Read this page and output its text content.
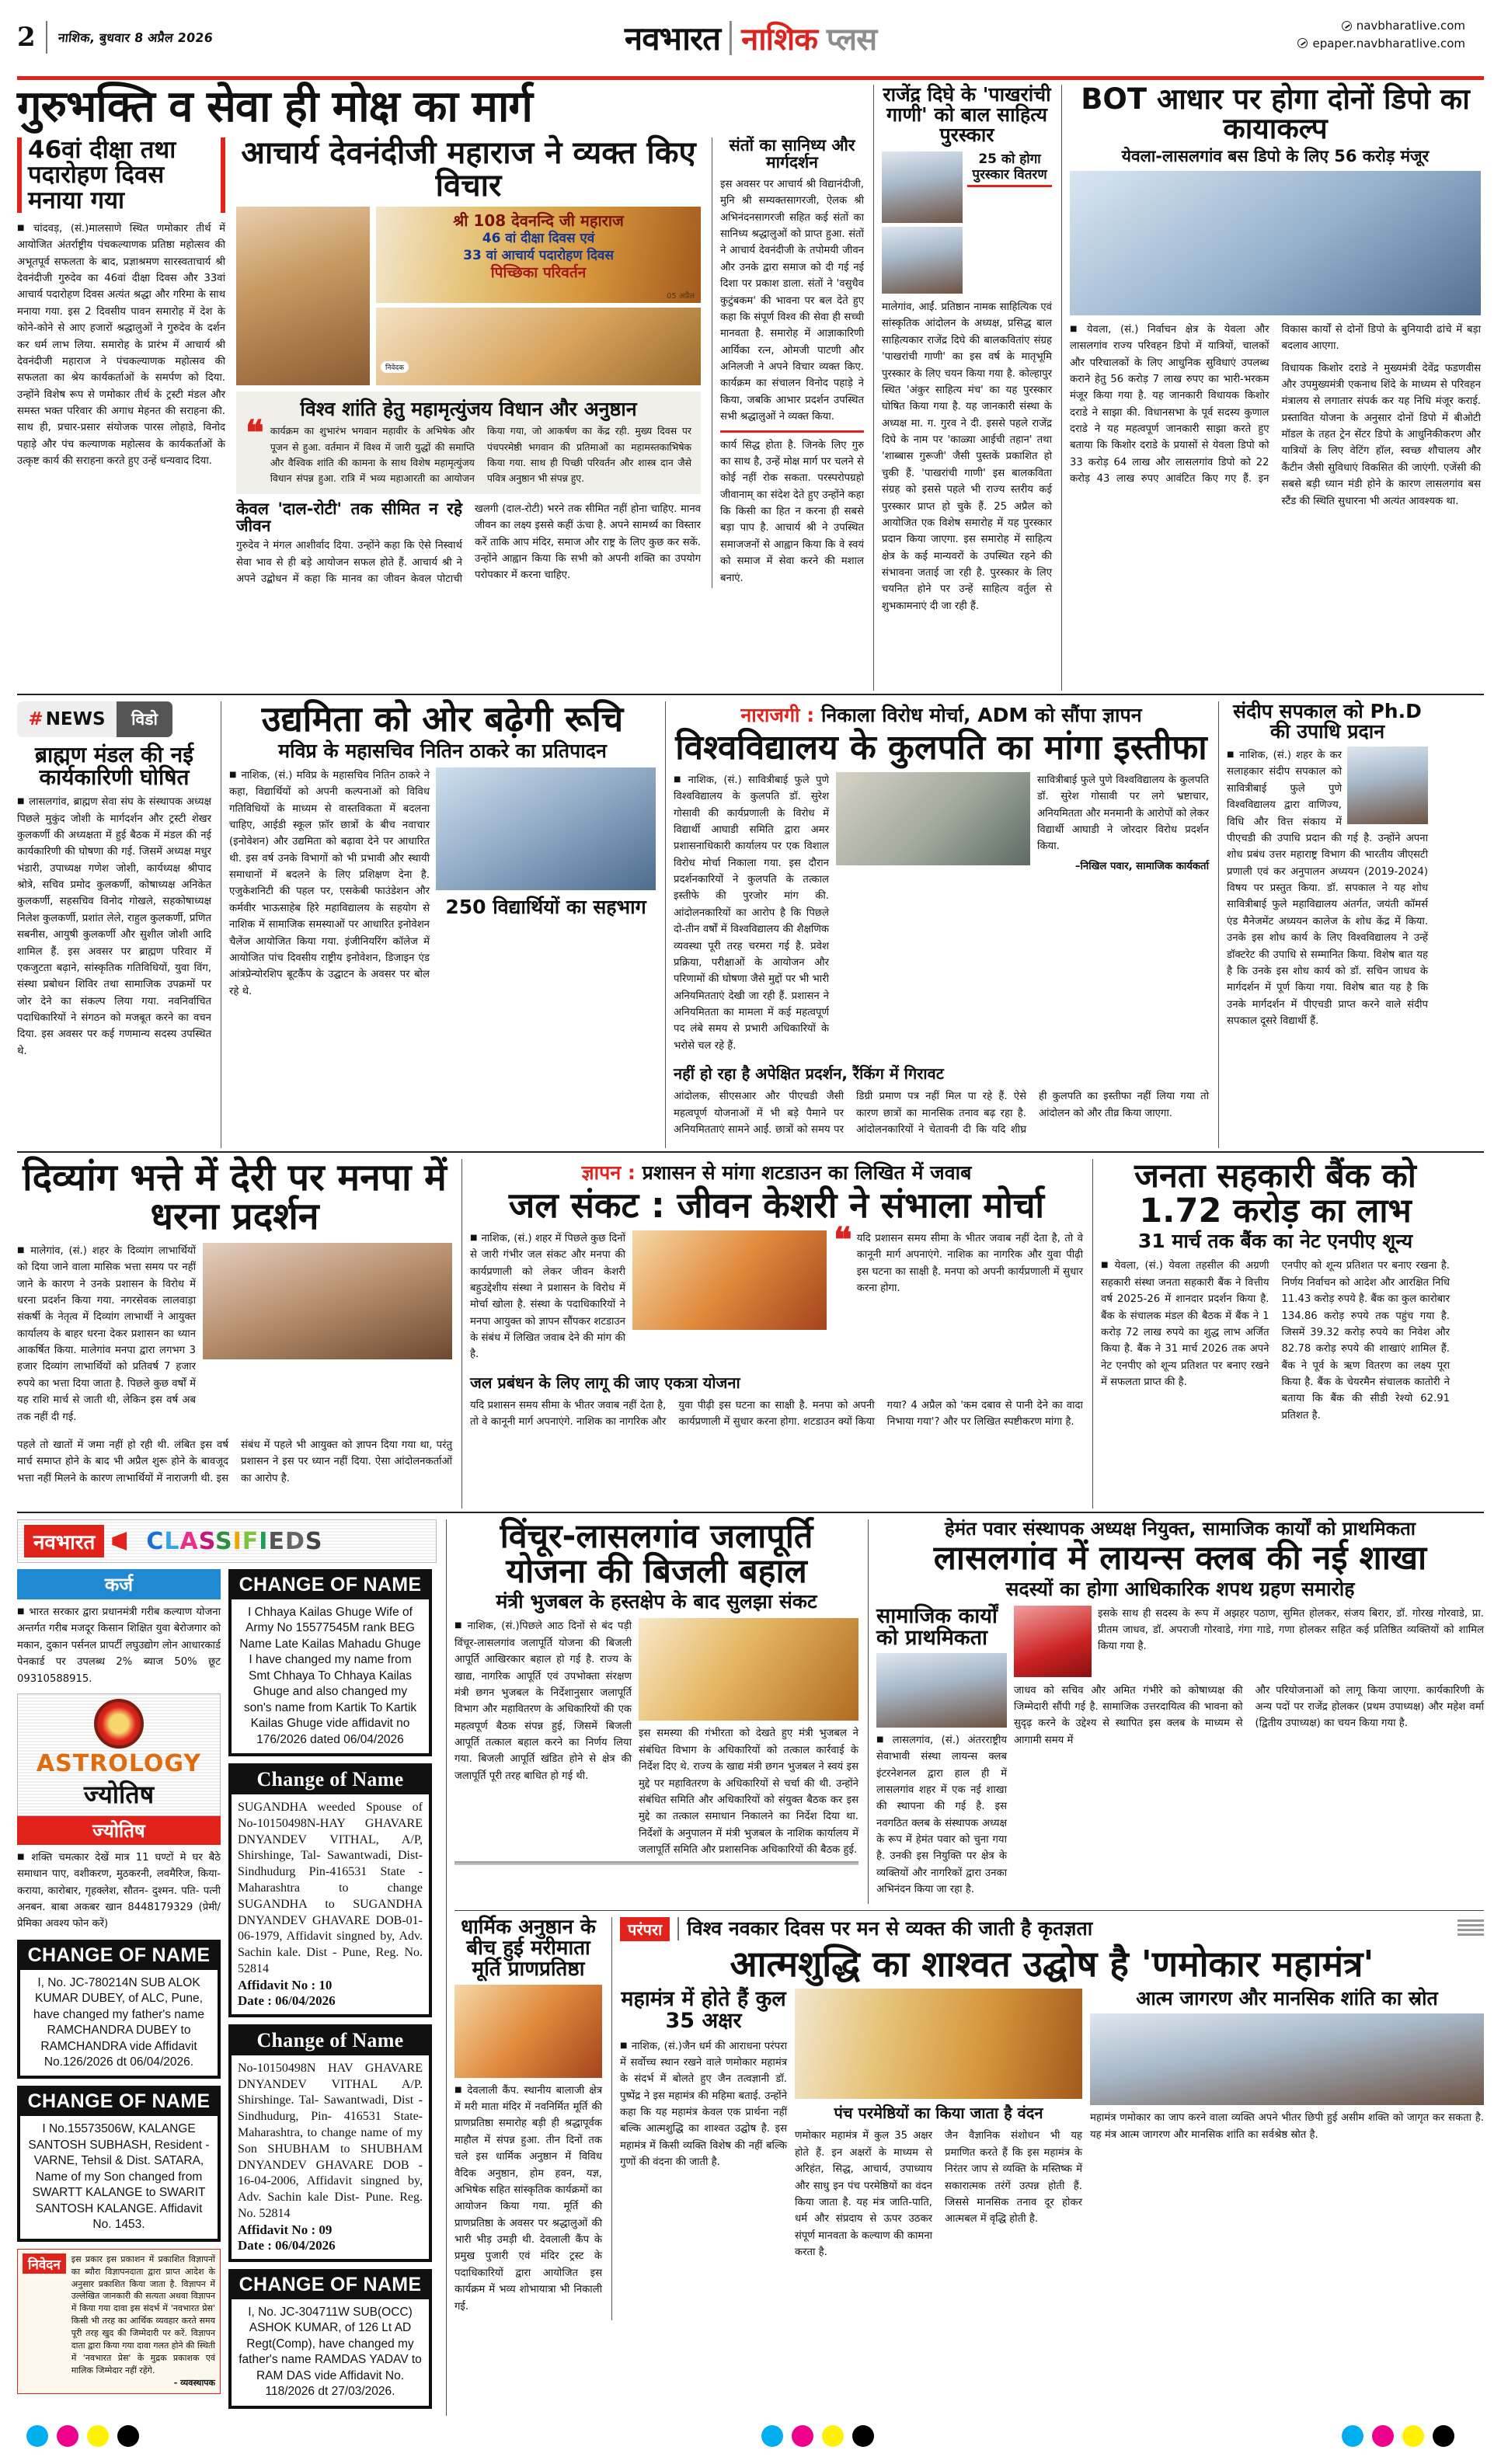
2 नाशिक, बुधवार 8 अप्रैल 2026	नवभारत नाशिक प्लस	navbharatlive.com
epaper.navbharatlive.com
गुरुभक्ति व सेवा ही मोक्ष का मार्ग
46वां दीक्षा तथा पदारोहण दिवस मनाया गया

■ चांदवड़, (सं.)मालसाणे स्थित णमोकार तीर्थ में आयोजित अंतर्राष्ट्रीय पंचकल्याणक प्रतिष्ठा महोत्सव की अभूतपूर्व सफलता के बाद, प्रज्ञाश्रमण सारस्वताचार्य श्री देवनंदीजी गुरुदेव का 46वां दीक्षा दिवस और 33वां आचार्य पदारोहण दिवस अत्यंत श्रद्धा और गरिमा के साथ मनाया गया. इस 2 दिवसीय पावन समारोह में देश के कोने-कोने से आए हजारों श्रद्धालुओं ने गुरुदेव के दर्शन कर धर्म लाभ लिया. समारोह के प्रारंभ में आचार्य श्री देवनंदीजी महाराज ने पंचकल्याणक महोत्सव की सफलता का श्रेय कार्यकर्ताओं के समर्पण को दिया. उन्होंने विशेष रूप से णमोकार तीर्थ के ट्रस्टी मंडल और समस्त भक्त परिवार की अगाध मेहनत की सराहना की. साथ ही, प्रचार-प्रसार संयोजक पारस लोहाडे, विनोद पहाड़े और पंच कल्याणक महोत्सव के कार्यकर्ताओं के उत्कृष्ट कार्य की सराहना करते हुए उन्हें धन्यवाद दिया.

आचार्य देवनंदीजी महाराज ने व्यक्त किए विचार
श्री 108 देवनन्दि जी महाराज
46 वां दीक्षा दिवस एवं
33 वां आचार्य पदारोहण दिवस
पिच्छिका परिवर्तन
05 अप्रैल
निवेदक
विश्व शांति हेतु महामृत्युंजय विधान और अनुष्ठान
❝ कार्यक्रम का शुभारंभ भगवान महावीर के अभिषेक और पूजन से हुआ. वर्तमान में विश्व में जारी युद्धों की समाप्ति और वैश्विक शांति की कामना के साथ विशेष महामृत्युंजय विधान संपन्न हुआ. रात्रि में भव्य महाआरती का आयोजन किया गया, जो आकर्षण का केंद्र रही. मुख्य दिवस पर पंचपरमेष्ठी भगवान की प्रतिमाओं का महामस्तकाभिषेक किया गया. साथ ही पिच्छी परिवर्तन और शास्त्र दान जैसे पवित्र अनुष्ठान भी संपन्न हुए.
केवल 'दाल-रोटी' तक सीमित न रहे जीवन
गुरुदेव ने मंगल आशीर्वाद दिया. उन्होंने कहा कि ऐसे निस्वार्थ सेवा भाव से ही बड़े आयोजन सफल होते हैं. आचार्य श्री ने अपने उद्बोधन में कहा कि मानव का जीवन केवल पोटाची खलगी (दाल-रोटी) भरने तक सीमित नहीं होना चाहिए. मानव जीवन का लक्ष्य इससे कहीं ऊंचा है. अपने सामर्थ्य का विस्तार करें ताकि आप मंदिर, समाज और राष्ट्र के लिए कुछ कर सकें. उन्होंने आह्वान किया कि सभी को अपनी शक्ति का उपयोग परोपकार में करना चाहिए.
संतों का सानिध्य और मार्गदर्शन
इस अवसर पर आचार्य श्री विद्यानंदीजी, मुनि श्री सम्यक्तसागरजी, ऐलक श्री अभिनंदनसागरजी सहित कई संतों का सानिध्य श्रद्धालुओं को प्राप्त हुआ. संतों ने आचार्य देवनंदीजी के तपोमयी जीवन और उनके द्वारा समाज को दी गई नई दिशा पर प्रकाश डाला. संतों ने 'वसुधैव कुटुंबकम' की भावना पर बल देते हुए कहा कि संपूर्ण विश्व की सेवा ही सच्ची मानवता है. समारोह में आज्ञाकारिणी आर्यिका रत्न, ओमजी पाटणी और अनिलजी ने अपने विचार व्यक्त किए. कार्यक्रम का संचालन विनोद पहाड़े ने किया, जबकि आभार प्रदर्शन उपस्थित सभी श्रद्धालुओं ने व्यक्त किया.
कार्य सिद्ध होता है. जिनके लिए गुरु का साथ है, उन्हें मोक्ष मार्ग पर चलने से कोई नहीं रोक सकता. परस्परोपग्रहो जीवानाम् का संदेश देते हुए उन्होंने कहा कि किसी का हित न करना ही सबसे बड़ा पाप है. आचार्य श्री ने उपस्थित समाजजनों से आह्वान किया कि वे स्वयं को समाज में सेवा करने की मशाल बनाएं.
राजेंद्र दिघे के 'पाखरांची गाणी' को बाल साहित्य पुरस्कार
25 को होगा पुरस्कार वितरण
मालेगांव, आईं. प्रतिष्ठान नामक साहित्यिक एवं सांस्कृतिक आंदोलन के अध्यक्ष, प्रसिद्ध बाल साहित्यकार राजेंद्र दिघे की बालकवितांए संग्रह 'पाखरांची गाणी' का इस वर्ष के मातृभूमि पुरस्कार के लिए चयन किया गया है. कोल्हापुर स्थित 'अंकुर साहित्य मंच' का यह पुरस्कार घोषित किया गया है. यह जानकारी संस्था के अध्यक्ष मा. ग. गुरव ने दी. इससे पहले राजेंद्र दिघे के नाम पर 'काळ्या आईची तहान' तथा 'शाब्बास गुरूजी' जैसी पुस्तकें प्रकाशित हो चुकी हैं. 'पाखरांची गाणी' इस बालकविता संग्रह को इससे पहले भी राज्य स्तरीय कई पुरस्कार प्राप्त हो चुके हैं. 25 अप्रैल को आयोजित एक विशेष समारोह में यह पुरस्कार प्रदान किया जाएगा. इस समारोह में साहित्य क्षेत्र के कई मान्यवरों के उपस्थित रहने की संभावना जताई जा रही है. पुरस्कार के लिए चयनित होने पर उन्हें साहित्य वर्तुल से शुभकामनाएं दी जा रही हैं.
BOT आधार पर होगा दोनों डिपो का कायाकल्प
येवला-लासलगांव बस डिपो के लिए 56 करोड़ मंजूर

■ येवला, (सं.) निर्वाचन क्षेत्र के येवला और लासलगांव राज्य परिवहन डिपो में यात्रियों, चालकों और परिचालकों के लिए आधुनिक सुविधाएं उपलब्ध कराने हेतु 56 करोड़ 7 लाख रुपए का भारी-भरकम मंजूर किया गया है. यह जानकारी विधायक किशोर दराडे ने साझा की. विधानसभा के पूर्व सदस्य कुणाल दराडे ने यह महत्वपूर्ण जानकारी साझा करते हुए बताया कि किशोर दराडे के प्रयासों से येवला डिपो को 33 करोड़ 64 लाख और लासलगांव डिपो को 22 करोड़ 43 लाख रुपए आवंटित किए गए हैं. इन विकास कार्यों से दोनों डिपो के बुनियादी ढांचे में बड़ा बदलाव आएगा.

विधायक किशोर दराडे ने मुख्यमंत्री देवेंद्र फडणवीस और उपमुख्यमंत्री एकनाथ शिंदे के माध्यम से परिवहन मंत्रालय से लगातार संपर्क कर यह निधि मंजूर कराई. प्रस्तावित योजना के अनुसार दोनों डिपो में बीओटी मॉडल के तहत ट्रेन सेंटर डिपो के आधुनिकीकरण और यात्रियों के लिए वेटिंग हॉल, स्वच्छ शौचालय और कैंटीन जैसी सुविधाएं विकसित की जाएंगी. एजेंसी की सबसे बड़ी ध्यान मंडी होने के कारण लासलगांव बस स्टैंड की स्थिति सुधारना भी अत्यंत आवश्यक था.

# NEWS	विडो
ब्राह्मण मंडल की नई कार्यकारिणी घोषित

■ लासलगांव, ब्राह्मण सेवा संघ के संस्थापक अध्यक्ष पिछले मुकुंद जोशी के मार्गदर्शन और ट्रस्टी शेखर कुलकर्णी की अध्यक्षता में हुई बैठक में मंडल की नई कार्यकारिणी की घोषणा की गई. जिसमें अध्यक्ष मधुर भंडारी, उपाध्यक्ष गणेश जोशी, कार्यध्यक्ष श्रीपाद श्रोत्रे, सचिव प्रमोद कुलकर्णी, कोषाध्यक्ष अनिकेत कुलकर्णी, सहसचिव विनोद गोखले, सहकोषाध्यक्ष निलेश कुलकर्णी, प्रशांत लेले, राहुल कुलकर्णी, प्रणित सबनीस, आयुषी कुलकर्णी और सुशील जोशी आदि शामिल हैं. इस अवसर पर ब्राह्मण परिवार में एकजुटता बढ़ाने, सांस्कृतिक गतिविधियों, युवा विंग, संस्था प्रबोधन शिविर तथा सामाजिक उपक्रमों पर जोर देने का संकल्प लिया गया. नवनिर्वाचित पदाधिकारियों ने संगठन को मजबूत करने का वचन दिया. इस अवसर पर कई गणमान्य सदस्य उपस्थित थे.

उद्यमिता को ओर बढ़ेगी रूचि
मविप्र के महासचिव नितिन ठाकरे का प्रतिपादन

■ नाशिक, (सं.) मविप्र के महासचिव नितिन ठाकरे ने कहा, विद्यार्थियों को अपनी कल्पनाओं को विविध गतिविधियों के माध्यम से वास्तविकता में बदलना चाहिए, आईडी स्कूल फ़ॉर छात्रों के बीच नवाचार (इनोवेशन) और उद्यमिता को बढ़ावा देने पर आधारित थी. इस वर्ष उनके विभागों को भी प्रभावी और स्थायी समाधानों में बदलने के लिए प्रशिक्षण देना है. एजुकेशनिटी की पहल पर, एसकेबी फाउंडेशन और कर्मवीर भाऊसाहेब हिरे महाविद्यालय के सहयोग से नाशिक में सामाजिक समस्याओं पर आधारित इनोवेशन चैलेंज आयोजित किया गया. इंजीनियरिंग कॉलेज में आयोजित पांच दिवसीय राष्ट्रीय इनोवेशन, डिजाइन एंड आंत्रप्रेन्योरशिप बूटकैंप के उद्घाटन के अवसर पर बोल रहे थे.

250 विद्यार्थियों का सहभाग
नाराजगी : निकाला विरोध मोर्चा, ADM को सौंपा ज्ञापन
विश्वविद्यालय के कुलपति का मांगा इस्तीफा

■ नाशिक, (सं.) सावित्रीबाई फुले पुणे विश्वविद्यालय के कुलपति डॉ. सुरेश गोसावी की कार्यप्रणाली के विरोध में विद्यार्थी आघाडी समिति द्वारा अमर प्रशासनाधिकारी कार्यालय पर एक विशाल विरोध मोर्चा निकाला गया. इस दौरान प्रदर्शनकारियों ने कुलपति के तत्काल इस्तीफे की पुरजोर मांग की. आंदोलनकारियों का आरोप है कि पिछले दो-तीन वर्षों में विश्वविद्यालय की शैक्षणिक व्यवस्था पूरी तरह चरमरा गई है. प्रवेश प्रक्रिया, परीक्षाओं के आयोजन और परिणामों की घोषणा जैसे मुद्दों पर भी भारी अनियमितताएं देखी जा रही हैं. प्रशासन ने अनियमितता का मामला में कई महत्वपूर्ण पद लंबे समय से प्रभारी अधिकारियों के भरोसे चल रहे हैं.

सावित्रीबाई फुले पुणे विश्वविद्यालय के कुलपति डॉ. सुरेश गोसावी पर लगे भ्रष्टाचार, अनियमितता और मनमानी के आरोपों को लेकर विद्यार्थी आघाडी ने जोरदार विरोध प्रदर्शन किया.
–निखिल पवार, सामाजिक कार्यकर्ता
नहीं हो रहा है अपेक्षित प्रदर्शन, रैंकिंग में गिरावट
आंदोलक, सीएसआर और पीएचडी जैसी महत्वपूर्ण योजनाओं में भी बड़े पैमाने पर अनियमितताएं सामने आईं. छात्रों को समय पर डिग्री प्रमाण पत्र नहीं मिल पा रहे हैं. ऐसे कारण छात्रों का मानसिक तनाव बढ़ रहा है. आंदोलनकारियों ने चेतावनी दी कि यदि शीघ्र ही कुलपति का इस्तीफा नहीं लिया गया तो आंदोलन को और तीव्र किया जाएगा.
संदीप सपकाल को Ph.D की उपाधि प्रदान

■ नाशिक, (सं.) शहर के कर सलाहकार संदीप सपकाल को सावित्रीबाई फुले पुणे विश्वविद्यालय द्वारा वाणिज्य, विधि और वित्त संकाय में पीएचडी की उपाधि प्रदान की गई है. उन्होंने अपना शोध प्रबंध उत्तर महाराष्ट्र विभाग की भारतीय जीएसटी प्रणाली एवं कर अनुपालन अध्ययन (2019-2024) विषय पर प्रस्तुत किया. डॉ. सपकाल ने यह शोध सावित्रीबाई फुले महाविद्यालय अंतर्गत, जयंती कॉमर्स एंड मैनेजमेंट अध्ययन कालेज के शोध केंद्र में किया. उनके इस शोध कार्य के लिए विश्वविद्यालय ने उन्हें डॉक्टरेट की उपाधि से सम्मानित किया. विशेष बात यह है कि उनके इस शोध कार्य को डॉ. सचिन जाधव के मार्गदर्शन में पूर्ण किया गया. विशेष बात यह है कि उनके मार्गदर्शन में पीएचडी प्राप्त करने वाले संदीप सपकाल दूसरे विद्यार्थी हैं.

दिव्यांग भत्ते में देरी पर मनपा में धरना प्रदर्शन

■ मालेगांव, (सं.) शहर के दिव्यांग लाभार्थियों को दिया जाने वाला मासिक भत्ता समय पर नहीं जाने के कारण ने उनके प्रशासन के विरोध में धरना प्रदर्शन किया गया. नगरसेवक लालवाड़ा संकर्षी के नेतृत्व में दिव्यांग लाभार्थी ने आयुक्त कार्यालय के बाहर धरना देकर प्रशासन का ध्यान आकर्षित किया. मालेगांव मनपा द्वारा लगभग 3 हजार दिव्यांग लाभार्थियों को प्रतिवर्ष 7 हजार रुपये का भत्ता दिया जाता है. पिछले कुछ वर्षों में यह राशि मार्च से जाती थी, लेकिन इस वर्ष अब तक नहीं दी गई.

पहले तो खातों में जमा नहीं हो रही थी. लंबित इस वर्ष मार्च समाप्त होने के बाद भी अप्रैल शुरू होने के बावजूद भत्ता नहीं मिलने के कारण लाभार्थियों में नाराजगी थी. इस संबंध में पहले भी आयुक्त को ज्ञापन दिया गया था, परंतु प्रशासन ने इस पर ध्यान नहीं दिया. ऐसा आंदोलनकर्ताओं का आरोप है.
ज्ञापन : प्रशासन से मांगा शटडाउन का लिखित में जवाब
जल संकट : जीवन केशरी ने संभाला मोर्चा

■ नाशिक, (सं.) शहर में पिछले कुछ दिनों से जारी गंभीर जल संकट और मनपा की कार्यप्रणाली को लेकर जीवन केशरी बहुउद्देशीय संस्था ने प्रशासन के विरोध में मोर्चा खोला है. संस्था के पदाधिकारियों ने मनपा आयुक्त को ज्ञापन सौंपकर शटडाउन के संबंध में लिखित जवाब देने की मांग की है.

❝ यदि प्रशासन समय सीमा के भीतर जवाब नहीं देता है, तो वे कानूनी मार्ग अपनाएंगे. नाशिक का नागरिक और युवा पीढ़ी इस घटना का साक्षी है. मनपा को अपनी कार्यप्रणाली में सुधार करना होगा.
जल प्रबंधन के लिए लागू की जाए एकत्रा योजना
यदि प्रशासन समय सीमा के भीतर जवाब नहीं देता है, तो वे कानूनी मार्ग अपनाएंगे. नाशिक का नागरिक और युवा पीढ़ी इस घटना का साक्षी है. मनपा को अपनी कार्यप्रणाली में सुधार करना होगा. शटडाउन क्यों किया गया? 4 अप्रैल को 'कम दबाव से पानी देने का वादा निभाया गया'? और पर लिखित स्पष्टीकरण मांगा है.
जनता सहकारी बैंक को 1.72 करोड़ का लाभ
31 मार्च तक बैंक का नेट एनपीए शून्य

■ येवला, (सं.) येवला तहसील की अग्रणी सहकारी संस्था जनता सहकारी बैंक ने वित्तीय वर्ष 2025-26 में शानदार प्रदर्शन किया है. बैंक के संचालक मंडल की बैठक में बैंक ने 1 करोड़ 72 लाख रुपये का शुद्ध लाभ अर्जित किया है. बैंक ने 31 मार्च 2026 तक अपने नेट एनपीए को शून्य प्रतिशत पर बनाए रखने में सफलता प्राप्त की है.

एनपीए को शून्य प्रतिशत पर बनाए रखना है. निर्णय निर्वाचन को आदेश और आरक्षित निधि 11.43 करोड़ रुपये है. बैंक का कुल कारोबार 134.86 करोड़ रुपये तक पहुंच गया है. जिसमें 39.32 करोड़ रुपये का निवेश और 82.78 करोड़ रुपये की शाखाएं शामिल हैं. बैंक ने पूर्व के ऋण वितरण का लक्ष्य पूरा किया है. बैंक के चेयरमैन संचालक कातोरी ने बताया कि बैंक की सीडी रेश्यो 62.91 प्रतिशत है.

नवभारत	CLASSIFIEDS
कर्ज

■ भारत सरकार द्वारा प्रधानमंत्री गरीब कल्याण योजना अन्तर्गत गरीब मजदूर किसान शिक्षित युवा बेरोजगार को मकान, दुकान पर्सनल प्रापर्टी लघुउद्योग लोन आधारकार्ड पेनकार्ड पर उपलब्ध 2% ब्याज 50% छूट 09310588915.

ASTROLOGY
ज्योतिष
ज्योतिष

■ शक्ति चमत्कार देखें मात्र 11 घण्टों मे घर बैठे समाधान पाए, वशीकरण, मुठकरनी, लवमैरिज, किया- कराया, कारोबार, गृहक्लेश, सौतन- दुश्मन. पति- पत्नी अनबन. बाबा अकबर खान 8448179329 (प्रेमी/ प्रेमिका अवश्य फोन करें)

CHANGE OF NAME
I, No. JC-780214N SUB ALOK KUMAR DUBEY, of ALC, Pune, have changed my father's name RAMCHANDRA DUBEY to RAMCHANDRA vide Affidavit No.126/2026 dt 06/04/2026.
CHANGE OF NAME
I No.15573506W, KALANGE SANTOSH SUBHASH, Resident - VARNE, Tehsil & Dist. SATARA, Name of my Son changed from SWARTT KALANGE to SWARIT SANTOSH KALANGE. Affidavit No. 1453.
निवेदन	इस प्रकार इस प्रकाशन में प्रकाशित विज्ञापनों का ब्यौरा विज्ञापनदाता द्वारा प्राप्त आदेश के अनुसार प्रकाशित किया जाता है. विज्ञापन में उल्लेखित जानकारी की सत्यता अथवा विज्ञापन में किया गया दावा इस संदर्भ में 'नवभारत प्रेस' किसी भी तरह का आर्थिक व्यवहार करते समय पूरी तरह खुद की जिम्मेदारी पर करें. विज्ञापन दाता द्वारा किया गया दावा गलत होने की स्थिती में 'नवभारत प्रेस' के मुद्रक प्रकाशक एवं मालिक जिम्मेदार नहीं रहेंगे.
- व्यवस्थापक
CHANGE OF NAME
I Chhaya Kailas Ghuge Wife of Army No 15577545M rank BEG Name Late Kailas Mahadu Ghuge I have changed my name from Smt Chhaya To Chhaya Kailas Ghuge and also changed my son's name from Kartik To Kartik Kailas Ghuge vide affidavit no 176/2026 dated 06/04/2026
Change of Name
SUGANDHA weeded Spouse of No-10150498N-HAY GHAVARE DNYANDEV VITHAL, A/P, Shirshinge, Tal- Sawantwadi, Dist- Sindhudurg Pin-416531 State - Maharashtra to change SUGANDHA to SUGANDHA DNYANDEV GHAVARE DOB-01-06-1979, Affidavit singned by, Adv. Sachin kale. Dist - Pune, Reg. No. 52814
Affidavit No : 10
Date : 06/04/2026
Change of Name
No-10150498N HAV GHAVARE DNYANDEV VITHAL A/P. Shirshinge. Tal- Sawantwadi, Dist - Sindhudurg, Pin- 416531 State- Maharashtra, to change name of my Son SHUBHAM to SHUBHAM DNYANDEV GHAVARE DOB - 16-04-2006, Affidavit singned by, Adv. Sachin kale Dist- Pune. Reg. No. 52814
Affidavit No : 09
Date : 06/04/2026
CHANGE OF NAME
I, No. JC-304711W SUB(OCC) ASHOK KUMAR, of 126 Lt AD Regt(Comp), have changed my father's name RAMDAS YADAV to RAM DAS vide Affidavit No. 118/2026 dt 27/03/2026.
विंचूर-लासलगांव जलापूर्ति योजना की बिजली बहाल
मंत्री भुजबल के हस्तक्षेप के बाद सुलझा संकट

■ नाशिक, (सं.)पिछले आठ दिनों से बंद पड़ी विंचूर-लासलगांव जलापूर्ति योजना की बिजली आपूर्ति आखिरकार बहाल हो गई है. राज्य के खाद्य, नागरिक आपूर्ति एवं उपभोक्ता संरक्षण मंत्री छगन भुजबल के निर्देशानुसार जलापूर्ति विभाग और महावितरण के अधिकारियों की एक महत्वपूर्ण बैठक संपन्न हुई, जिसमें बिजली आपूर्ति तत्काल बहाल करने का निर्णय लिया गया. बिजली आपूर्ति खंडित होने से क्षेत्र की जलापूर्ति पूरी तरह बाधित हो गई थी.

इस समस्या की गंभीरता को देखते हुए मंत्री भुजबल ने संबंधित विभाग के अधिकारियों को तत्काल कार्रवाई के निर्देश दिए थे. राज्य के खाद्य मंत्री छगन भुजबल ने स्वयं इस मुद्दे पर महावितरण के अधिकारियों से चर्चा की थी. उन्होंने संबंधित समिति और अधिकारियों को संयुक्त बैठक कर इस मुद्दे का तत्काल समाधान निकालने का निर्देश दिया था. निर्देशों के अनुपालन में मंत्री भुजबल के नाशिक कार्यालय में जलापूर्ति समिति और प्रशासनिक अधिकारियों की बैठक हुई.
हेमंत पवार संस्थापक अध्यक्ष नियुक्त, सामाजिक कार्यों को प्राथमिकता
लासलगांव में लायन्स क्लब की नई शाखा
सदस्यों का होगा आधिकारिक शपथ ग्रहण समारोह
सामाजिक कार्यों को प्राथमिकता

■ लासलगांव, (सं.) अंतरराष्ट्रीय सेवाभावी संस्था लायन्स क्लब इंटरनेशनल द्वारा हाल ही में लासलगांव शहर में एक नई शाखा की स्थापना की गई है. इस नवगठित क्लब के संस्थापक अध्यक्ष के रूप में हेमंत पवार को चुना गया है. उनकी इस नियुक्ति पर क्षेत्र के व्यक्तियों और नागरिकों द्वारा उनका अभिनंदन किया जा रहा है.

इसके साथ ही सदस्य के रूप में अझहर पठाण, सुमित होलकर, संजय बिरार, डॉ. गोरख गोरवाडे, प्रा. प्रीतम जाधव, डॉ. अपराजी गोरवाडे, गंगा गाडे, गणा होलकर सहित कई प्रतिष्ठित व्यक्तियों को शामिल किया गया है.
जाधव को सचिव और अमित गंभीरे को कोषाध्यक्ष की जिम्मेदारी सौंपी गई है. सामाजिक उत्तरदायित्व की भावना को सुदृढ़ करने के उद्देश्य से स्थापित इस क्लब के माध्यम से आगामी समय में
और परियोजनाओं को लागू किया जाएगा. कार्यकारिणी के अन्य पदों पर राजेंद्र होलकर (प्रथम उपाध्यक्ष) और महेश वर्मा (द्वितीय उपाध्यक्ष) का चयन किया गया है.
धार्मिक अनुष्ठान के बीच हुई मरीमाता मूर्ति प्राणप्रतिष्ठा

■ देवलाली कैंप. स्थानीय बालाजी क्षेत्र में मरी माता मंदिर में नवनिर्मित मूर्ति की प्राणप्रतिष्ठा समारोह बड़ी ही श्रद्धापूर्वक माहौल में संपन्न हुआ. तीन दिनों तक चले इस धार्मिक अनुष्ठान में विविध वैदिक अनुष्ठान, होम हवन, यज्ञ, अभिषेक सहित सांस्कृतिक कार्यक्रमों का आयोजन किया गया. मूर्ति की प्राणप्रतिष्ठा के अवसर पर श्रद्धालुओं की भारी भीड़ उमड़ी थी. देवलाली कैंप के प्रमुख पुजारी एवं मंदिर ट्रस्ट के पदाधिकारियों द्वारा आयोजित इस कार्यक्रम में भव्य शोभायात्रा भी निकाली गई.

परंपरा	विश्व नवकार दिवस पर मन से व्यक्त की जाती है कृतज्ञता
आत्मशुद्धि का शाश्वत उद्घोष है 'णमोकार महामंत्र'
महामंत्र में होते हैं कुल 35 अक्षर

■ नाशिक, (सं.)जैन धर्म की आराधना परंपरा में सर्वोच्च स्थान रखने वाले णमोकार महामंत्र के संदर्भ में बोलते हुए जैन तत्वज्ञानी डॉ. पुष्पेंद्र ने इस महामंत्र की महिमा बताई. उन्होंने कहा कि यह महामंत्र केवल एक प्रार्थना नहीं बल्कि आत्मशुद्धि का शाश्वत उद्घोष है. इस महामंत्र में किसी व्यक्ति विशेष की नहीं बल्कि गुणों की वंदना की जाती है.

पंच परमेष्ठियों का किया जाता है वंदन
णमोकार महामंत्र में कुल 35 अक्षर होते हैं. इन अक्षरों के माध्यम से अरिहंत, सिद्ध, आचार्य, उपाध्याय और साधु इन पंच परमेष्ठियों का वंदन किया जाता है. यह मंत्र जाति-पाति, धर्म और संप्रदाय से ऊपर उठकर संपूर्ण मानवता के कल्याण की कामना करता है.
जैन वैज्ञानिक संशोधन भी यह प्रमाणित करते हैं कि इस महामंत्र के निरंतर जाप से व्यक्ति के मस्तिष्क में सकारात्मक तरंगें उत्पन्न होती हैं. जिससे मानसिक तनाव दूर होकर आत्मबल में वृद्धि होती है.
आत्म जागरण और मानसिक शांति का स्रोत
महामंत्र णमोकार का जाप करने वाला व्यक्ति अपने भीतर छिपी हुई असीम शक्ति को जागृत कर सकता है. यह मंत्र आत्म जागरण और मानसिक शांति का सर्वश्रेष्ठ स्रोत है.
